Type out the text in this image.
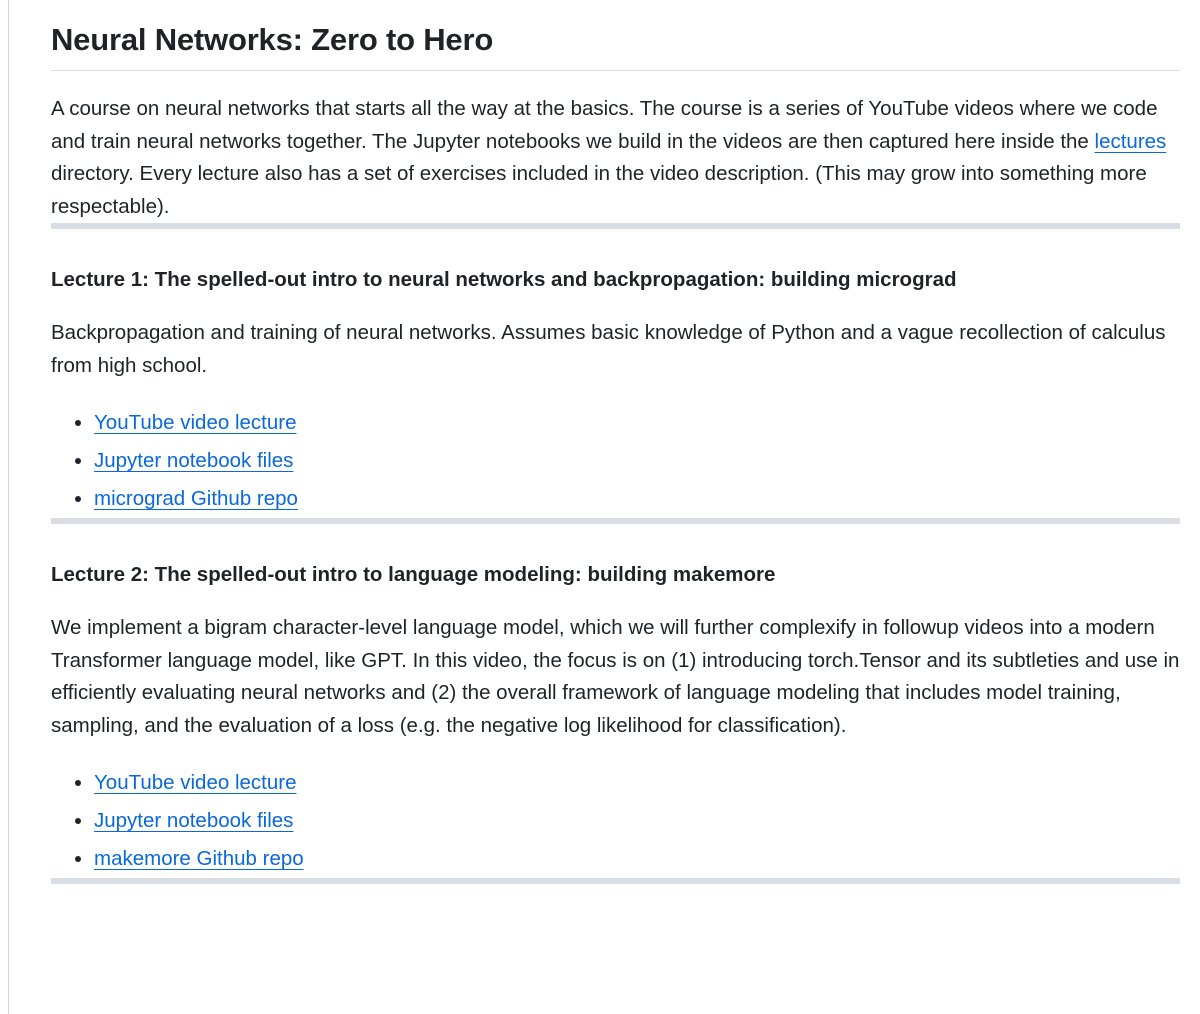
Neural Networks: Zero to Hero

A course on neural networks that starts all the way at the basics. The course is a series of YouTube videos where we code and train neural networks together. The Jupyter notebooks we build in the videos are then captured here inside the lectures directory. Every lecture also has a set of exercises included in the video description. (This may grow into something more respectable).

Lecture 1: The spelled-out intro to neural networks and backpropagation: building micrograd

Backpropagation and training of neural networks. Assumes basic knowledge of Python and a vague recollection of calculus from high school.

• YouTube video lecture
• Jupyter notebook files
• micrograd Github repo
Lecture 2: The spelled-out intro to language modeling: building makemore

We implement a bigram character-level language model, which we will further complexify in followup videos into a modern Transformer language model, like GPT. In this video, the focus is on (1) introducing torch.Tensor and its subtleties and use in efficiently evaluating neural networks and (2) the overall framework of language modeling that includes model training, sampling, and the evaluation of a loss (e.g. the negative log likelihood for classification).

• YouTube video lecture
• Jupyter notebook files
• makemore Github repo
